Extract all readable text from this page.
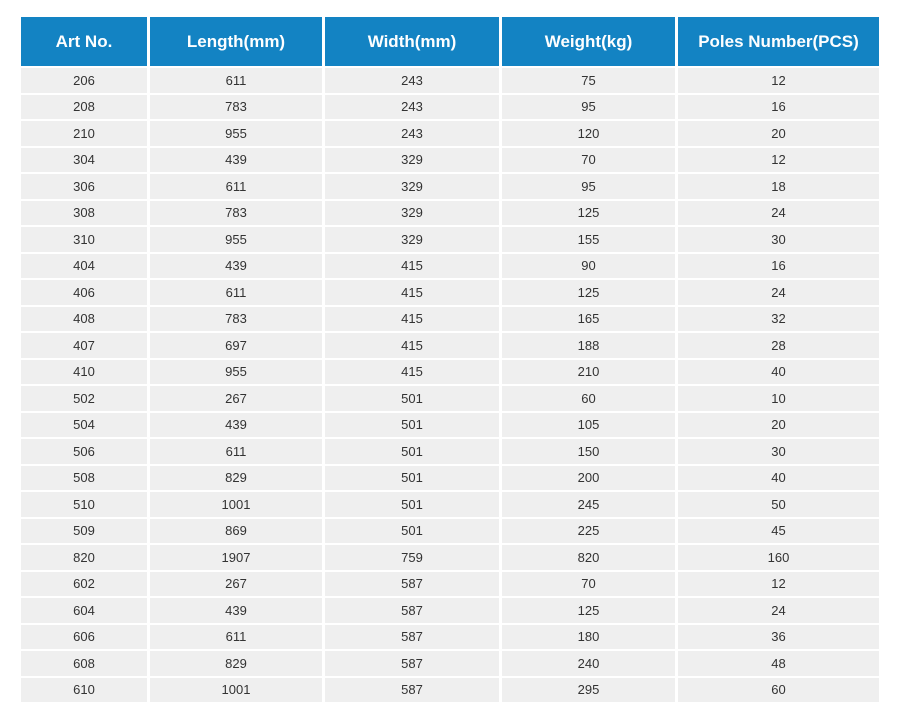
Art No.	Length(mm)	Width(mm)	Weight(kg)	Poles Number(PCS)
206	611	243	75	12
208	783	243	95	16
210	955	243	120	20
304	439	329	70	12
306	611	329	95	18
308	783	329	125	24
310	955	329	155	30
404	439	415	90	16
406	611	415	125	24
408	783	415	165	32
407	697	415	188	28
410	955	415	210	40
502	267	501	60	10
504	439	501	105	20
506	611	501	150	30
508	829	501	200	40
510	1001	501	245	50
509	869	501	225	45
820	1907	759	820	160
602	267	587	70	12
604	439	587	125	24
606	611	587	180	36
608	829	587	240	48
610	1001	587	295	60
